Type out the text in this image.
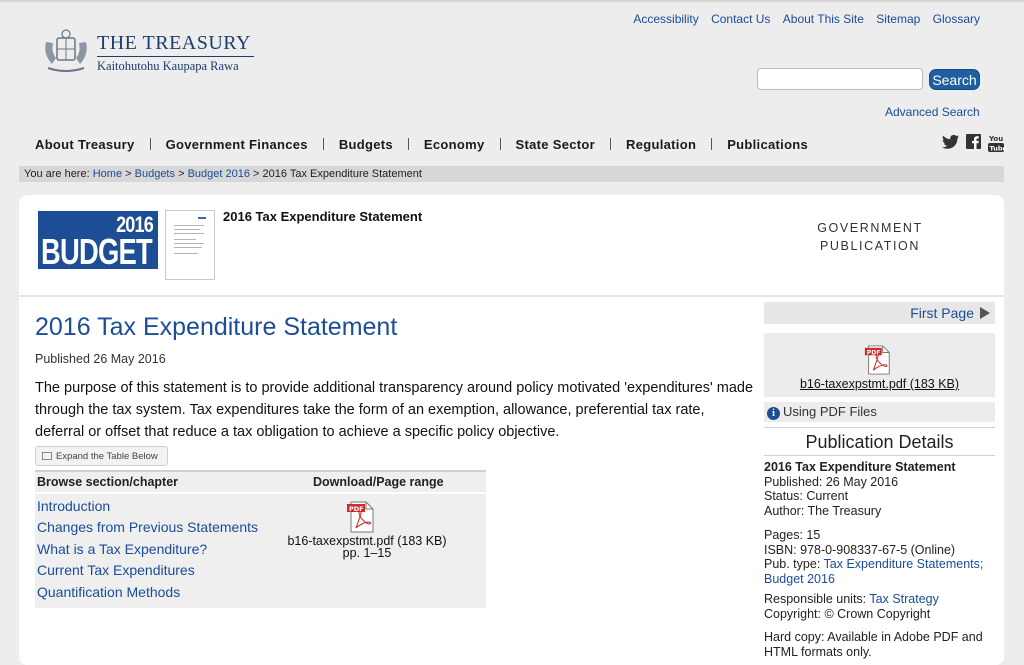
Accessibility Contact Us About This Site Sitemap Glossary
THE TREASURY
Kaitohutohu Kaupapa Rawa
Search
Advanced Search
About Treasury Government Finances Budgets Economy State Sector Regulation Publications	You
Tube
You are here: Home > Budgets > Budget 2016 > 2016 Tax Expenditure Statement
2016
BUDGET
2016 Tax Expenditure Statement
GOVERNMENT
PUBLICATION
2016 Tax Expenditure Statement
Published 26 May 2016

The purpose of this statement is to provide additional transparency around policy motivated 'expenditures' made through the tax system. Tax expenditures take the form of an exemption, allowance, preferential tax rate, deferral or offset that reduce a tax obligation to achieve a specific policy objective.

Expand the Table Below
Browse section/chapter	Download/Page range
Introduction
Changes from Previous Statements
What is a Tax Expenditure?
Current Tax Expenditures
Quantification Methods
PDF
b16-taxexpstmt.pdf (183 KB)
pp. 1–15
First Page
PDF
b16-taxexpstmt.pdf (183 KB)
i Using PDF Files
Publication Details
2016 Tax Expenditure Statement
Published: 26 May 2016
Status: Current
Author: The Treasury
Pages: 15
ISBN: 978-0-908337-67-5 (Online)
Pub. type: Tax Expenditure Statements;
Budget 2016
Responsible units: Tax Strategy
Copyright: © Crown Copyright
Hard copy: Available in Adobe PDF and HTML formats only.
